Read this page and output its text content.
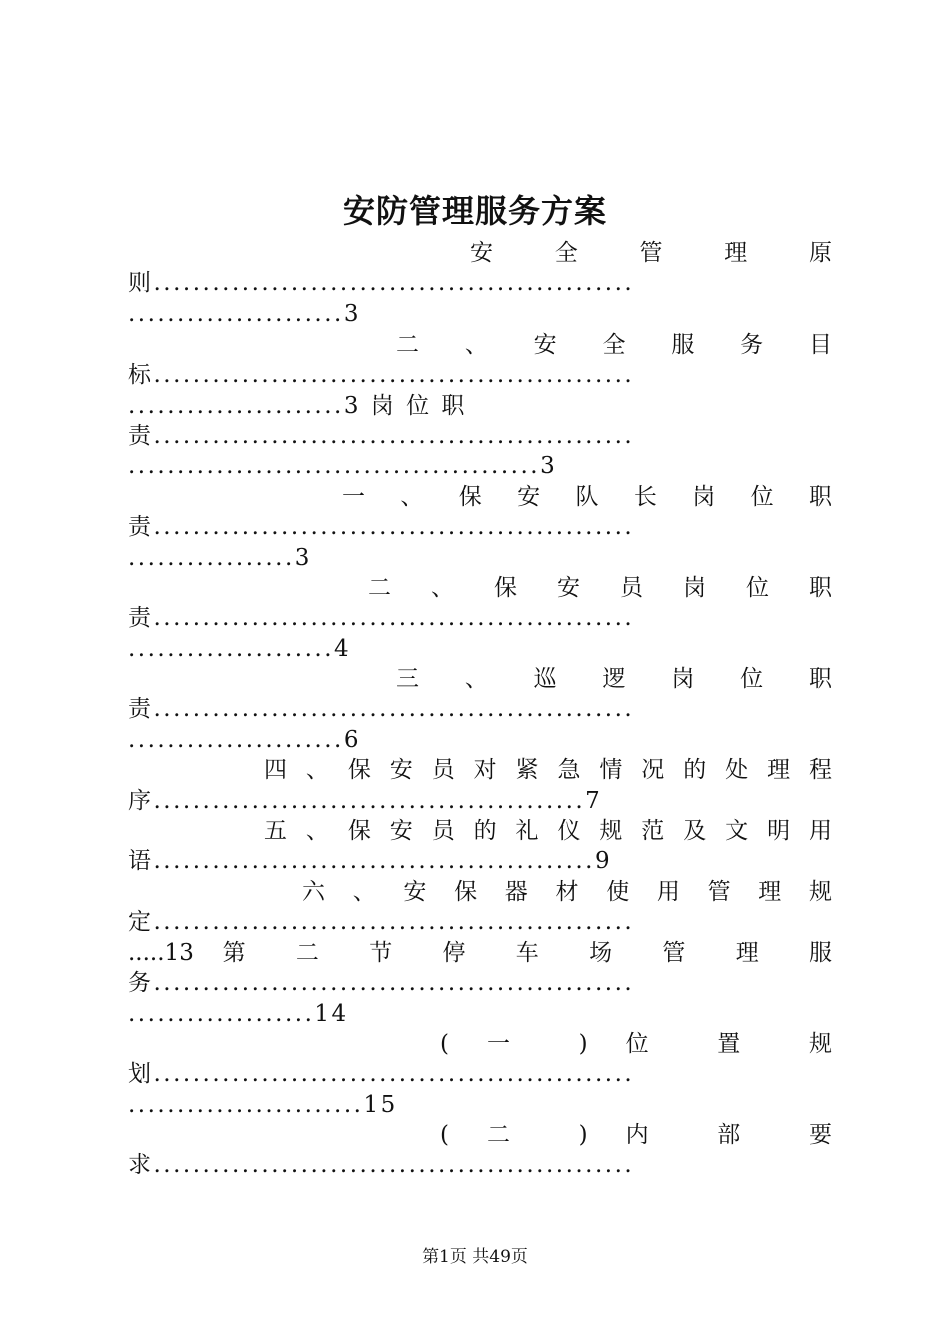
安防管理服务方案
安 全 管 理 原
则.................................................
......................3
二 、 安 全 服 务 目
标.................................................
......................3 岗 位 职
责.................................................
..........................................3
一 、 保 安 队 长 岗 位 职
责.................................................
.................3
二 、 保 安 员 岗 位 职
责.................................................
.....................4
三 、 巡 逻 岗 位 职
责.................................................
......................6
四 、 保 安 员 对 紧 急 情 况 的 处 理 程
序............................................7
五 、 保 安 员 的 礼 仪 规 范 及 文 明 用
语.............................................9
六 、 安 保 器 材 使 用 管 理 规
定.................................................
.....13 第 二 节 停 车 场 管 理 服
务.................................................
...................14
( 一 ) 位 置 规
划.................................................
........................15
( 二 ) 内 部 要
求.................................................
第1页 共49页
